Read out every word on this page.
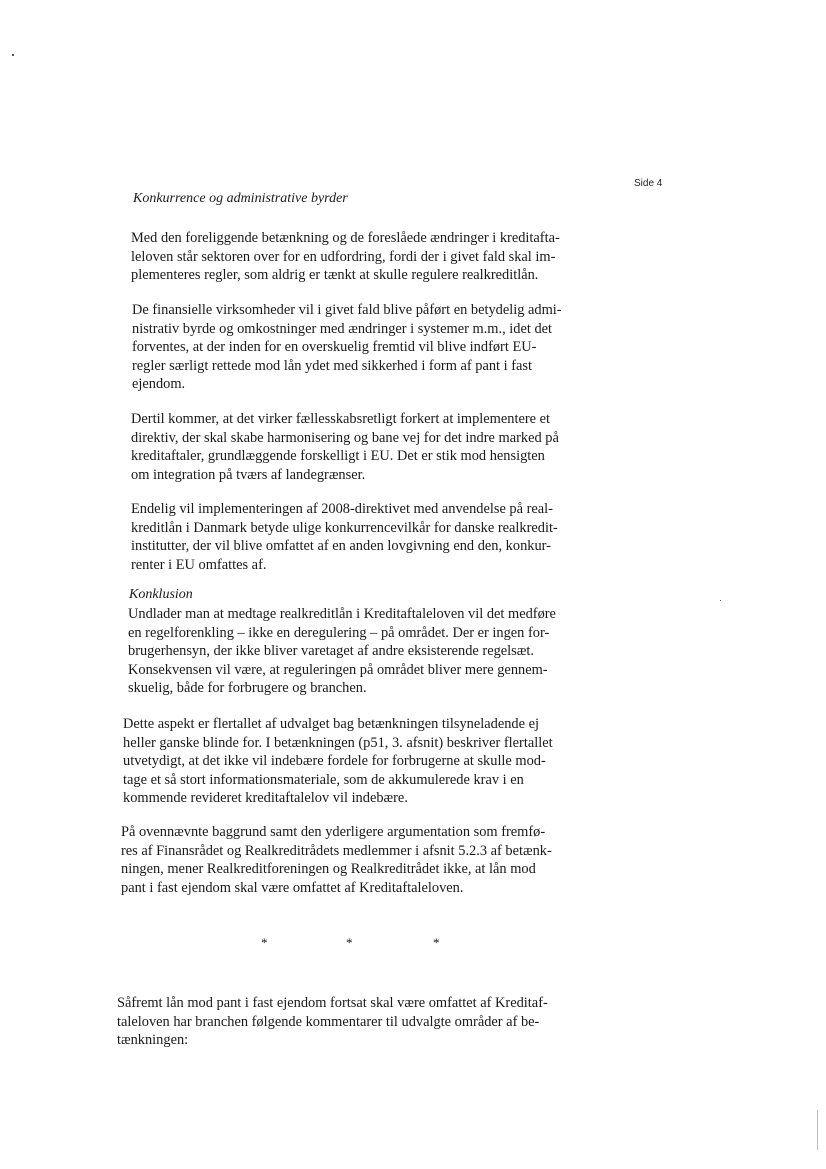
Side 4

Konkurrence og administrative byrder

Med den foreliggende betænkning og de foreslåede ændringer i kreditafta-
leloven står sektoren over for en udfordring, fordi der i givet fald skal im-
plementeres regler, som aldrig er tænkt at skulle regulere realkreditlån.

De finansielle virksomheder vil i givet fald blive påført en betydelig admi-
nistrativ byrde og omkostninger med ændringer i systemer m.m., idet det
forventes, at der inden for en overskuelig fremtid vil blive indført EU-
regler særligt rettede mod lån ydet med sikkerhed i form af pant i fast
ejendom.

Dertil kommer, at det virker fællesskabsretligt forkert at implementere et
direktiv, der skal skabe harmonisering og bane vej for det indre marked på
kreditaftaler, grundlæggende forskelligt i EU. Det er stik mod hensigten
om integration på tværs af landegrænser.

Endelig vil implementeringen af 2008-direktivet med anvendelse på real-
kreditlån i Danmark betyde ulige konkurrencevilkår for danske realkredit-
institutter, der vil blive omfattet af en anden lovgivning end den, konkur-
renter i EU omfattes af.

Konklusion

Undlader man at medtage realkreditlån i Kreditaftaleloven vil det medføre
en regelforenkling – ikke en deregulering – på området. Der er ingen for-
brugerhensyn, der ikke bliver varetaget af andre eksisterende regelsæt.
Konsekvensen vil være, at reguleringen på området bliver mere gennem-
skuelig, både for forbrugere og branchen.

Dette aspekt er flertallet af udvalget bag betænkningen tilsyneladende ej
heller ganske blinde for. I betænkningen (p51, 3. afsnit) beskriver flertallet
utvetydigt, at det ikke vil indebære fordele for forbrugerne at skulle mod-
tage et så stort informationsmateriale, som de akkumulerede krav i en
kommende revideret kreditaftalelov vil indebære.

På ovennævnte baggrund samt den yderligere argumentation som fremfø-
res af Finansrådet og Realkreditrådets medlemmer i afsnit 5.2.3 af betænk-
ningen, mener Realkreditforeningen og Realkreditrådet ikke, at lån mod
pant i fast ejendom skal være omfattet af Kreditaftaleloven.

*	*	*

Såfremt lån mod pant i fast ejendom fortsat skal være omfattet af Kreditaf-
taleloven har branchen følgende kommentarer til udvalgte områder af be-
tænkningen:
